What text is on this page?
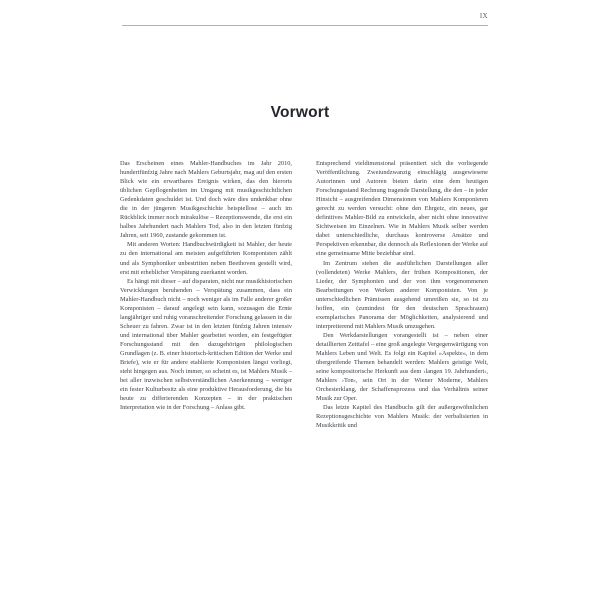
IX
Vorwort

Das Erscheinen eines Mahler-Handbuches im Jahr 2010, hundertfünfzig Jahre nach Mahlers Geburtsjahr, mag auf den ersten Blick wie ein erwartbares Ereignis wirken, das den hierorts üblichen Gepflogenheiten im Umgang mit musikgeschichtlichen Gedenkdaten geschuldet ist. Und doch wäre dies undenkbar ohne die in der jüngeren Musikgeschichte beispiellose – auch im Rückblick immer noch mirakulöse – Rezeptionswende, die erst ein halbes Jahrhundert nach Mahlers Tod, also in den letzten fünfzig Jahren, seit 1960, zustande gekommen ist.

Mit anderen Worten: Handbuchwürdigkeit ist Mahler, der heute zu den international am meisten aufgeführten Komponisten zählt und als Symphoniker unbestritten neben Beethoven gestellt wird, erst mit erheblicher Verspätung zuerkannt worden.

Es hängt mit dieser – auf disparaten, nicht nur musikhistorischen Verwicklungen beruhenden – Verspätung zusammen, dass ein Mahler-Handbuch nicht – noch weniger als im Falle anderer großer Komponisten – darauf angelegt sein kann, sozusagen die Ernte langjähriger und ruhig voranschreitender Forschung gelassen in die Scheuer zu fahren. Zwar ist in den letzten fünfzig Jahren intensiv und international über Mahler gearbeitet worden, ein festgefügter Forschungsstand mit den dazugehörigen philologischen Grundlagen (z. B. einer historisch-kritischen Edition der Werke und Briefe), wie er für andere etablierte Komponisten längst vorliegt, steht hingegen aus. Noch immer, so scheint es, ist Mahlers Musik – bei aller inzwischen selbstverständlichen Anerkennung – weniger ein fester Kulturbesitz als eine produktive Herausforderung, die bis heute zu differierenden Konzepten – in der praktischen Interpretation wie in der Forschung – Anlass gibt.

Entsprechend vieldimensional präsentiert sich die vorliegende Veröffentlichung. Zweiundzwanzig einschlägig ausgewiesene Autorinnen und Autoren bieten darin eine dem heutigen Forschungsstand Rechnung tragende Darstellung, die den – in jeder Hinsicht – ausgreifenden Dimensionen von Mahlers Komponieren gerecht zu werden versucht: ohne den Ehrgeiz, ein neues, gar definitives Mahler-Bild zu entwickeln, aber nicht ohne innovative Sichtweisen im Einzelnen. Wie in Mahlers Musik selber werden dabei unterschiedliche, durchaus kontroverse Ansätze und Perspektiven erkennbar, die dennoch als Reflexionen der Werke auf eine gemeinsame Mitte beziehbar sind.

Im Zentrum stehen die ausführlichen Darstellungen aller (vollendeten) Werke Mahlers, der frühen Kompositionen, der Lieder, der Symphonien und der von ihm vorgenommenen Bearbeitungen von Werken anderer Komponisten. Von je unterschiedlichen Prämissen ausgehend umreißen sie, so ist zu hoffen, ein (zumindest für den deutschen Sprachraum) exemplarisches Panorama der Möglichkeiten, analysierend und interpretierend mit Mahlers Musik umzugehen.

Den Werkdarstellungen vorangestellt ist – neben einer detaillierten Zeittafel – eine groß angelegte Vergegenwärtigung von Mahlers Leben und Welt. Es folgt ein Kapitel »Aspekte«, in dem übergreifende Themen behandelt werden: Mahlers geistige Welt, seine kompositorische Herkunft aus dem ›langen 19. Jahrhundert‹, Mahlers ›Ton‹, sein Ort in der Wiener Moderne, Mahlers Orchesterklang, der Schaffensprozess und das Verhältnis seiner Musik zur Oper.

Das letzte Kapitel des Handbuchs gilt der außergewöhnlichen Rezeptionsgeschichte von Mahlers Musik: der verbalisierten in Musikkritik und
